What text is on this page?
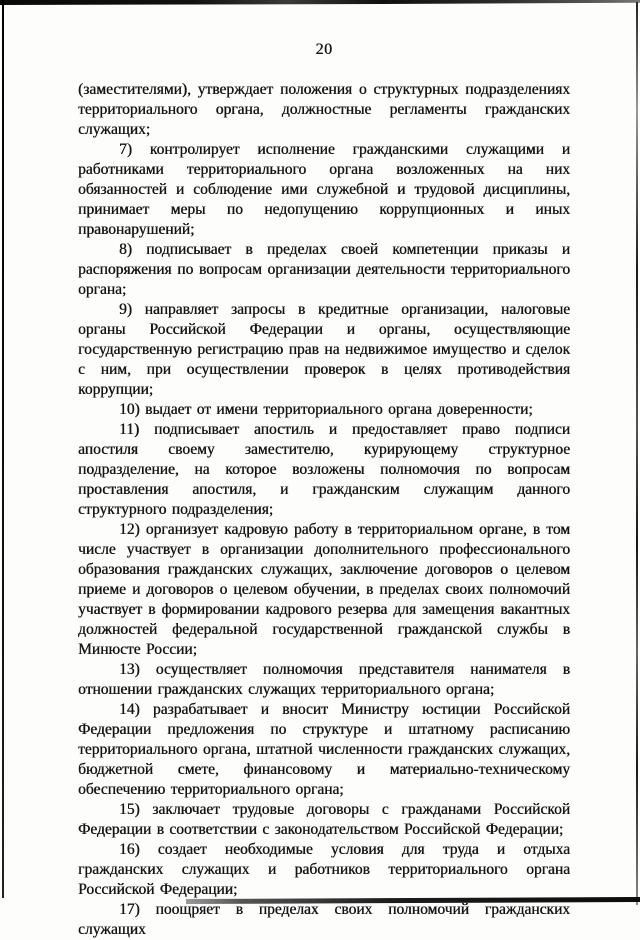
20

(заместителями), утверждает положения о структурных подразделениях территориального органа, должностные регламенты гражданских служащих;

7) контролирует исполнение гражданскими служащими и работниками территориального органа возложенных на них обязанностей и соблюдение ими служебной и трудовой дисциплины, принимает меры по недопущению коррупционных и иных правонарушений;

8) подписывает в пределах своей компетенции приказы и распоряжения по вопросам организации деятельности территориального органа;

9) направляет запросы в кредитные организации, налоговые органы Российской Федерации и органы, осуществляющие государственную регистрацию прав на недвижимое имущество и сделок с ним, при осуществлении проверок в целях противодействия коррупции;

10) выдает от имени территориального органа доверенности;

11) подписывает апостиль и предоставляет право подписи апостиля своему заместителю, курирующему структурное подразделение, на которое возложены полномочия по вопросам проставления апостиля, и гражданским служащим данного структурного подразделения;

12) организует кадровую работу в территориальном органе, в том числе участвует в организации дополнительного профессионального образования гражданских служащих, заключение договоров о целевом приеме и договоров о целевом обучении, в пределах своих полномочий участвует в формировании кадрового резерва для замещения вакантных должностей федеральной государственной гражданской службы в Минюсте России;

13) осуществляет полномочия представителя нанимателя в отношении гражданских служащих территориального органа;

14) разрабатывает и вносит Министру юстиции Российской Федерации предложения по структуре и штатному расписанию территориального органа, штатной численности гражданских служащих, бюджетной смете, финансовому и материально-техническому обеспечению территориального органа;

15) заключает трудовые договоры с гражданами Российской Федерации в соответствии с законодательством Российской Федерации;

16) создает необходимые условия для труда и отдыха гражданских служащих и работников территориального органа Российской Федерации;

17) поощряет в пределах своих полномочий гражданских служащих
